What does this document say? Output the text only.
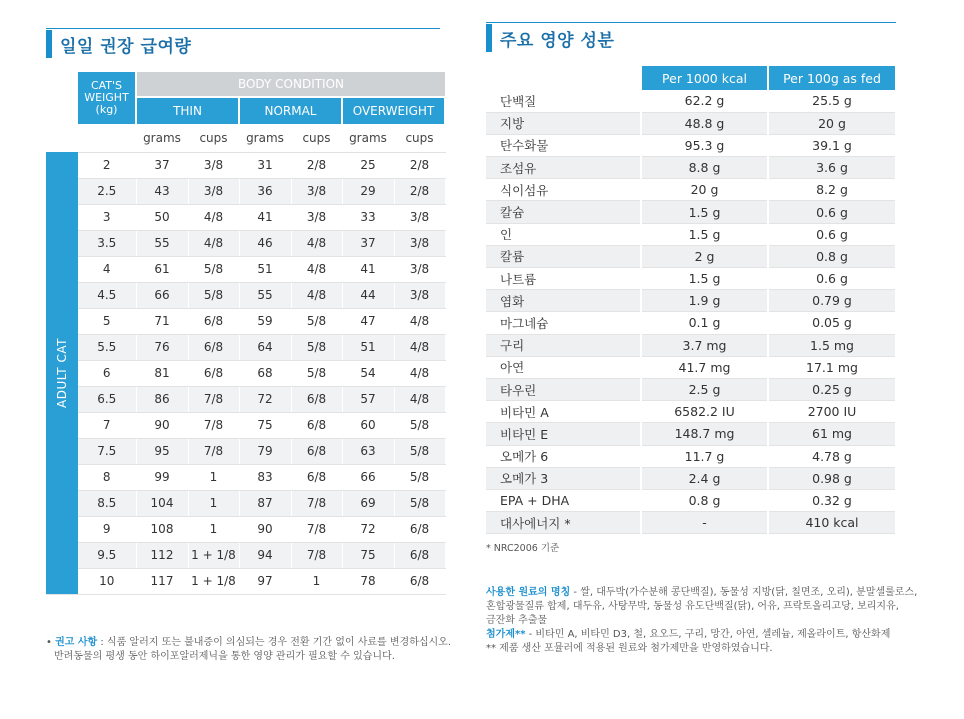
일일 권장 급여량	주요 영양 성분
	CAT'S WEIGHT (kg)	BODY CONDITION					
		THIN		NORMAL		OVERWEIGHT	
		grams	cups	grams	cups	grams	cups

ADULT CAT	2	37	3/8	31	2/8	25	2/8
	2.5	43	3/8	36	3/8	29	2/8
	3	50	4/8	41	3/8	33	3/8
	3.5	55	4/8	46	4/8	37	3/8
	4	61	5/8	51	4/8	41	3/8
	4.5	66	5/8	55	4/8	44	3/8
	5	71	6/8	59	5/8	47	4/8
	5.5	76	6/8	64	5/8	51	4/8
	6	81	6/8	68	5/8	54	4/8
	6.5	86	7/8	72	6/8	57	4/8
	7	90	7/8	75	6/8	60	5/8
	7.5	95	7/8	79	6/8	63	5/8
	8	99	1	83	6/8	66	5/8
	8.5	104	1	87	7/8	69	5/8
	9	108	1	90	7/8	72	6/8
	9.5	112	1 + 1/8	94	7/8	75	6/8
	10	117	1 + 1/8	97	1	78	6/8
	Per 1000 kcal	Per 100g as fed
단백질	62.2 g	25.5 g
지방	48.8 g	20 g
탄수화물	95.3 g	39.1 g
조섬유	8.8 g	3.6 g
식이섬유	20 g	8.2 g
칼슘	1.5 g	0.6 g
인	1.5 g	0.6 g
칼륨	2 g	0.8 g
나트륨	1.5 g	0.6 g
염화	1.9 g	0.79 g
마그네슘	0.1 g	0.05 g
구리	3.7 mg	1.5 mg
아연	41.7 mg	17.1 mg
타우린	2.5 g	0.25 g
비타민 A	6582.2 IU	2700 IU
비타민 E	148.7 mg	61 mg
오메가 6	11.7 g	4.78 g
오메가 3	2.4 g	0.98 g
EPA + DHA	0.8 g	0.32 g
대사에너지 *	-	410 kcal
* NRC2006 기준
사용한 원료의 명칭 - 쌀, 대두박(가수분해 콩단백질), 동물성 지방(닭, 칠면조, 오리), 분말셀룰로스,
혼합광물질류 합제, 대두유, 사탕무박, 동물성 유도단백질(닭), 어유, 프락토올리고당, 보리지유,
금잔화 추출물
첨가제** - 비타민 A, 비타민 D3, 철, 요오드, 구리, 망간, 아연, 셀레늄, 제올라이트, 항산화제
** 제품 생산 포뮬러에 적용된 원료와 첨가제만을 반영하였습니다.
• 권고 사항 : 식품 알러지 또는 불내증이 의심되는 경우 전환 기간 없이 사료를 변경하십시오.
반려동물의 평생 동안 하이포알러제닉을 통한 영양 관리가 필요할 수 있습니다.
